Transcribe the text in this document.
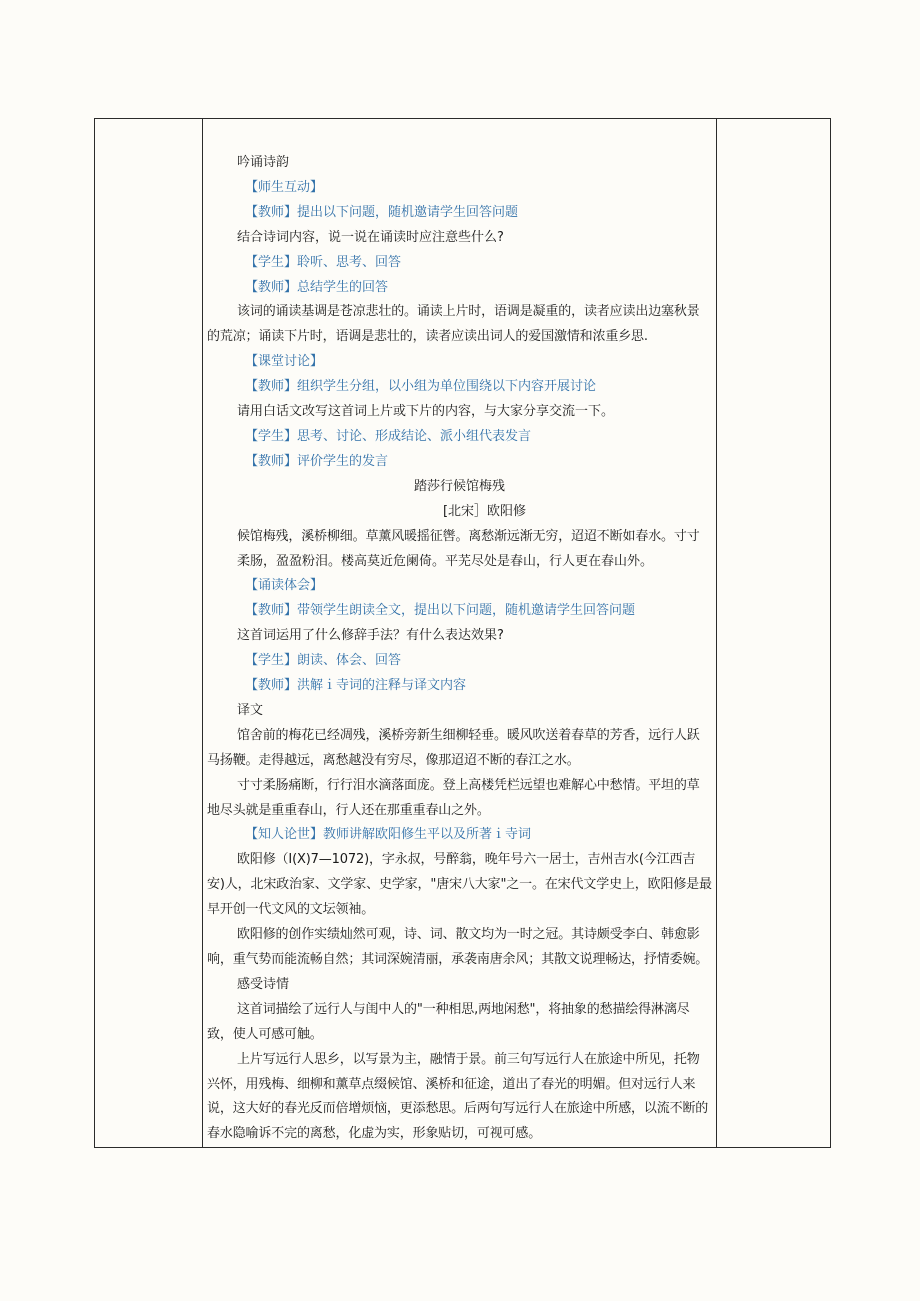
吟诵诗韵

【师生互动】

【教师】提出以下问题，随机邀请学生回答问题

结合诗词内容，说一说在诵读时应注意些什么?

【学生】聆听、思考、回答

【教师】总结学生的回答

该词的诵读基调是苍凉悲壮的。诵读上片时，语调是凝重的，读者应读出边塞秋景的荒凉；诵读下片时，语调是悲壮的，读者应读出词人的爱国激情和浓重乡思.

【课堂讨论】

【教师】组织学生分组，以小组为单位围绕以下内容开展讨论

请用白话文改写这首词上片或下片的内容，与大家分享交流一下。

【学生】思考、讨论、形成结论、派小组代表发言

【教师】评价学生的发言

踏莎行候馆梅残

[北宋］欧阳修

候馆梅残，溪桥柳细。草薰风暖摇征辔。离愁渐远渐无穷，迢迢不断如春水。寸寸

柔肠，盈盈粉泪。楼高莫近危阑倚。平芜尽处是春山，行人更在春山外。

【诵读体会】

【教师】带领学生朗读全文，提出以下问题，随机邀请学生回答问题

这首词运用了什么修辞手法？有什么表达效果?

【学生】朗读、体会、回答

【教师】洪解ｉ寺词的注释与译文内容

译文

馆舍前的梅花已经凋残，溪桥旁新生细柳轻垂。暖风吹送着春草的芳香，远行人跃马扬鞭。走得越远，离愁越没有穷尽，像那迢迢不断的春江之水。

寸寸柔肠痛断，行行泪水滴落面庞。登上高楼凭栏远望也难解心中愁情。平坦的草地尽头就是重重春山，行人还在那重重春山之外。

【知人论世】教师讲解欧阳修生平以及所著ｉ寺词

欧阳修（I(X)7—1072)，字永叔，号醉翁，晚年号六一居士，吉州吉水(今江西吉安)人，北宋政治家、文学家、史学家，"唐宋八大家"之一。在宋代文学史上，欧阳修是最早开创一代文风的文坛领袖。

欧阳修的创作实绩灿然可观，诗、词、散文均为一时之冠。其诗颇受李白、韩愈影响，重气势而能流畅自然；其词深婉清丽，承袭南唐余风；其散文说理畅达，抒情委婉。

感受诗情

这首词描绘了远行人与闺中人的"一种相思,两地闲愁"，将抽象的愁描绘得淋漓尽致，使人可感可触。

上片写远行人思乡，以写景为主，融情于景。前三句写远行人在旅途中所见，托物兴怀，用残梅、细柳和薰草点缀候馆、溪桥和征途，道出了春光的明媚。但对远行人来说，这大好的春光反而倍增烦恼，更添愁思。后两句写远行人在旅途中所感，以流不断的春水隐喻诉不完的离愁，化虚为实，形象贴切，可视可感。
